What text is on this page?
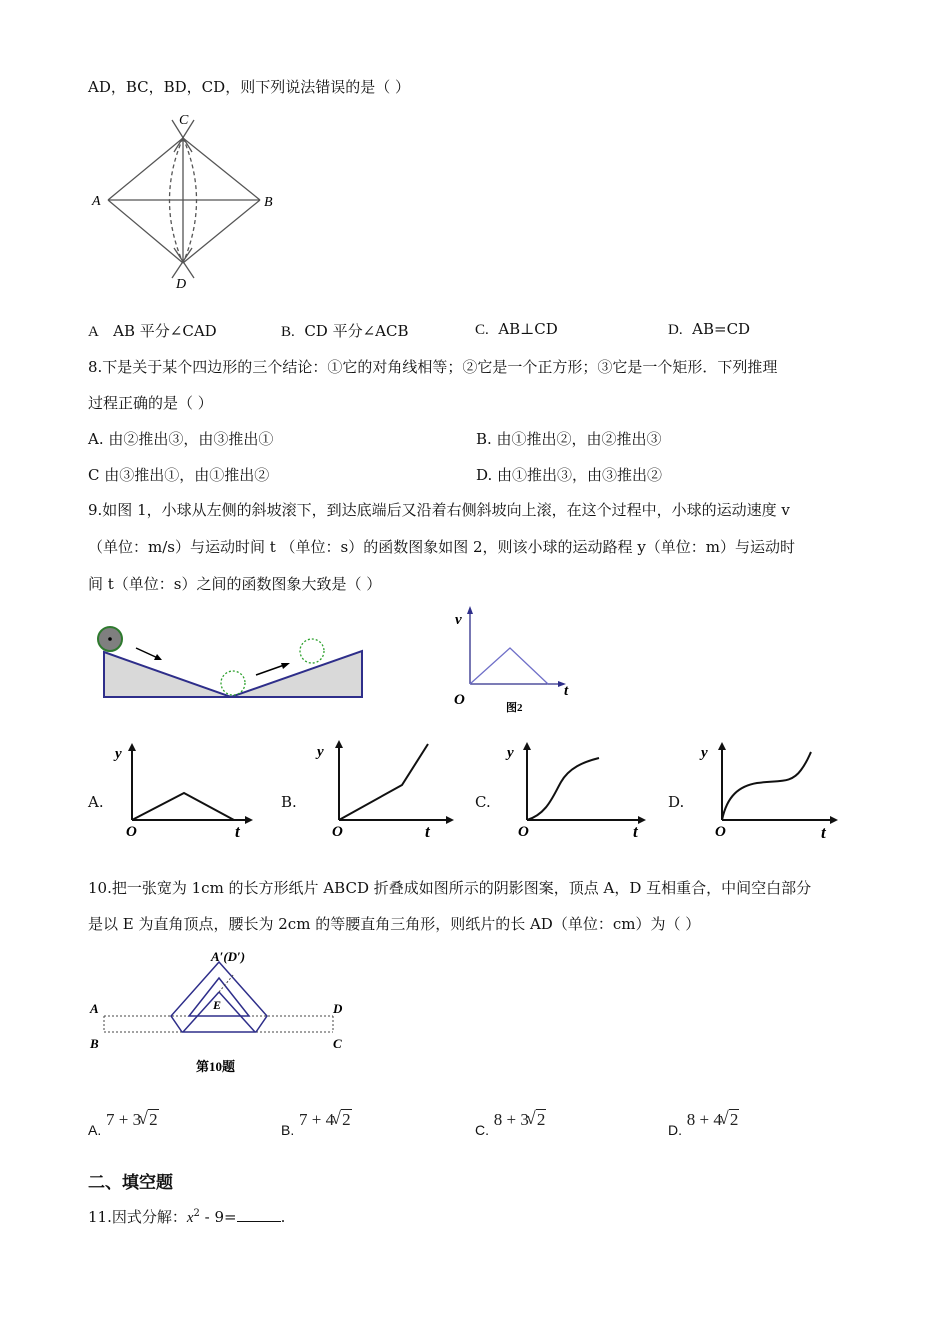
AD，BC，BD，CD，则下列说法错误的是（ ）
C
A	B
D
A AB 平分∠CAD	B. CD 平分∠ACB	C. AB⊥CD	D. AB=CD
8.下是关于某个四边形的三个结论：①它的对角线相等；②它是一个正方形；③它是一个矩形．下列推理
过程正确的是（ ）
A. 由②推出③，由③推出①	B. 由①推出②，由②推出③
C 由③推出①，由①推出②	D. 由①推出③，由③推出②
9.如图 1，小球从左侧的斜坡滚下，到达底端后又沿着右侧斜坡向上滚，在这个过程中，小球的运动速度 v
（单位：m/s）与运动时间 t （单位：s）的函数图象如图 2，则该小球的运动路程 y（单位：m）与运动时
间 t（单位：s）之间的函数图象大致是（ ）
v
O
t
图2
A.
y
O	t
B.
y
O	t
C.
y
O	t
D.
y
O	t
10.把一张宽为 1cm 的长方形纸片 ABCD 折叠成如图所示的阴影图案，顶点 A，D 互相重合，中间空白部分
是以 E 为直角顶点，腰长为 2cm 的等腰直角三角形，则纸片的长 AD（单位：cm）为（ ）
A′(D′)
E
A
B
D
C
第10题
A. 7 + 3 √ 2
B. 7 + 4 √ 2
C. 8 + 3 √ 2
D. 8 + 4 √ 2
二、填空题
11.因式分解：$x^2 - 9=$	.
